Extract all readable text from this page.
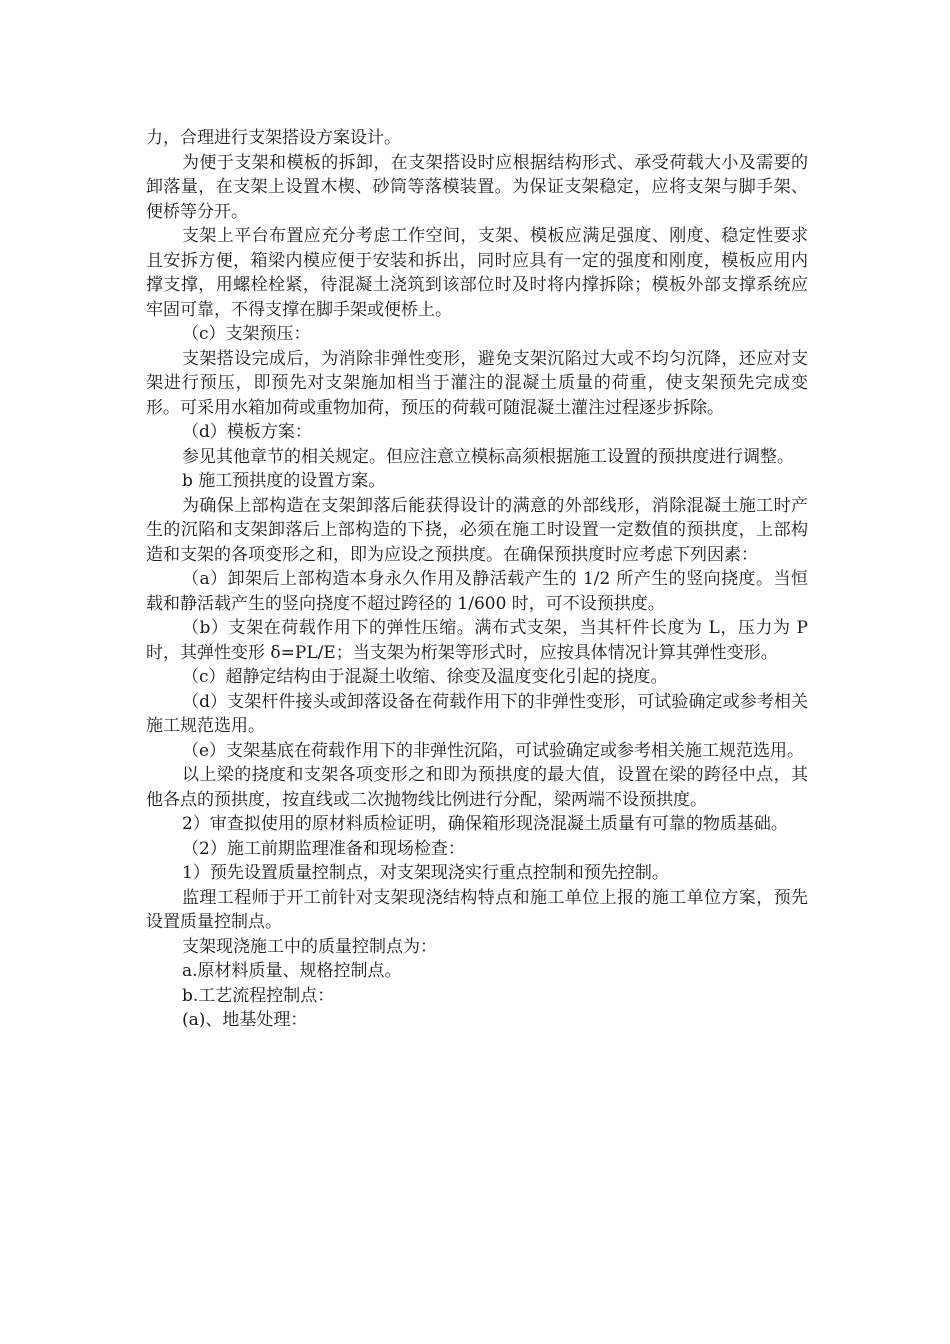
力，合理进行支架搭设方案设计。

为便于支架和模板的拆卸，在支架搭设时应根据结构形式、承受荷载大小及需要的卸落量，在支架上设置木楔、砂筒等落模装置。为保证支架稳定，应将支架与脚手架、便桥等分开。

支架上平台布置应充分考虑工作空间，支架、模板应满足强度、刚度、稳定性要求且安拆方便，箱梁内模应便于安装和拆出，同时应具有一定的强度和刚度，模板应用内撑支撑，用螺栓栓紧，待混凝土浇筑到该部位时及时将内撑拆除；模板外部支撑系统应牢固可靠，不得支撑在脚手架或便桥上。

（c）支架预压：

支架搭设完成后，为消除非弹性变形，避免支架沉陷过大或不均匀沉降，还应对支架进行预压，即预先对支架施加相当于灌注的混凝土质量的荷重，使支架预先完成变形。可采用水箱加荷或重物加荷，预压的荷载可随混凝土灌注过程逐步拆除。

（d）模板方案：

参见其他章节的相关规定。但应注意立模标高须根据施工设置的预拱度进行调整。

b 施工预拱度的设置方案。

为确保上部构造在支架卸落后能获得设计的满意的外部线形，消除混凝土施工时产生的沉陷和支架卸落后上部构造的下挠，必须在施工时设置一定数值的预拱度，上部构造和支架的各项变形之和，即为应设之预拱度。在确保预拱度时应考虑下列因素：

（a）卸架后上部构造本身永久作用及静活载产生的 1/2 所产生的竖向挠度。当恒载和静活载产生的竖向挠度不超过跨径的 1/600 时，可不设预拱度。

（b）支架在荷载作用下的弹性压缩。满布式支架，当其杆件长度为 L，压力为 P 时，其弹性变形 δ=PL/E；当支架为桁架等形式时，应按具体情况计算其弹性变形。

（c）超静定结构由于混凝土收缩、徐变及温度变化引起的挠度。

（d）支架杆件接头或卸落设备在荷载作用下的非弹性变形，可试验确定或参考相关施工规范选用。

（e）支架基底在荷载作用下的非弹性沉陷，可试验确定或参考相关施工规范选用。

以上梁的挠度和支架各项变形之和即为预拱度的最大值，设置在梁的跨径中点，其他各点的预拱度，按直线或二次抛物线比例进行分配，梁两端不设预拱度。

2）审查拟使用的原材料质检证明，确保箱形现浇混凝土质量有可靠的物质基础。

（2）施工前期监理准备和现场检查：

1）预先设置质量控制点，对支架现浇实行重点控制和预先控制。

监理工程师于开工前针对支架现浇结构特点和施工单位上报的施工单位方案，预先设置质量控制点。

支架现浇施工中的质量控制点为：

a.原材料质量、规格控制点。

b.工艺流程控制点：

(a)、地基处理：
